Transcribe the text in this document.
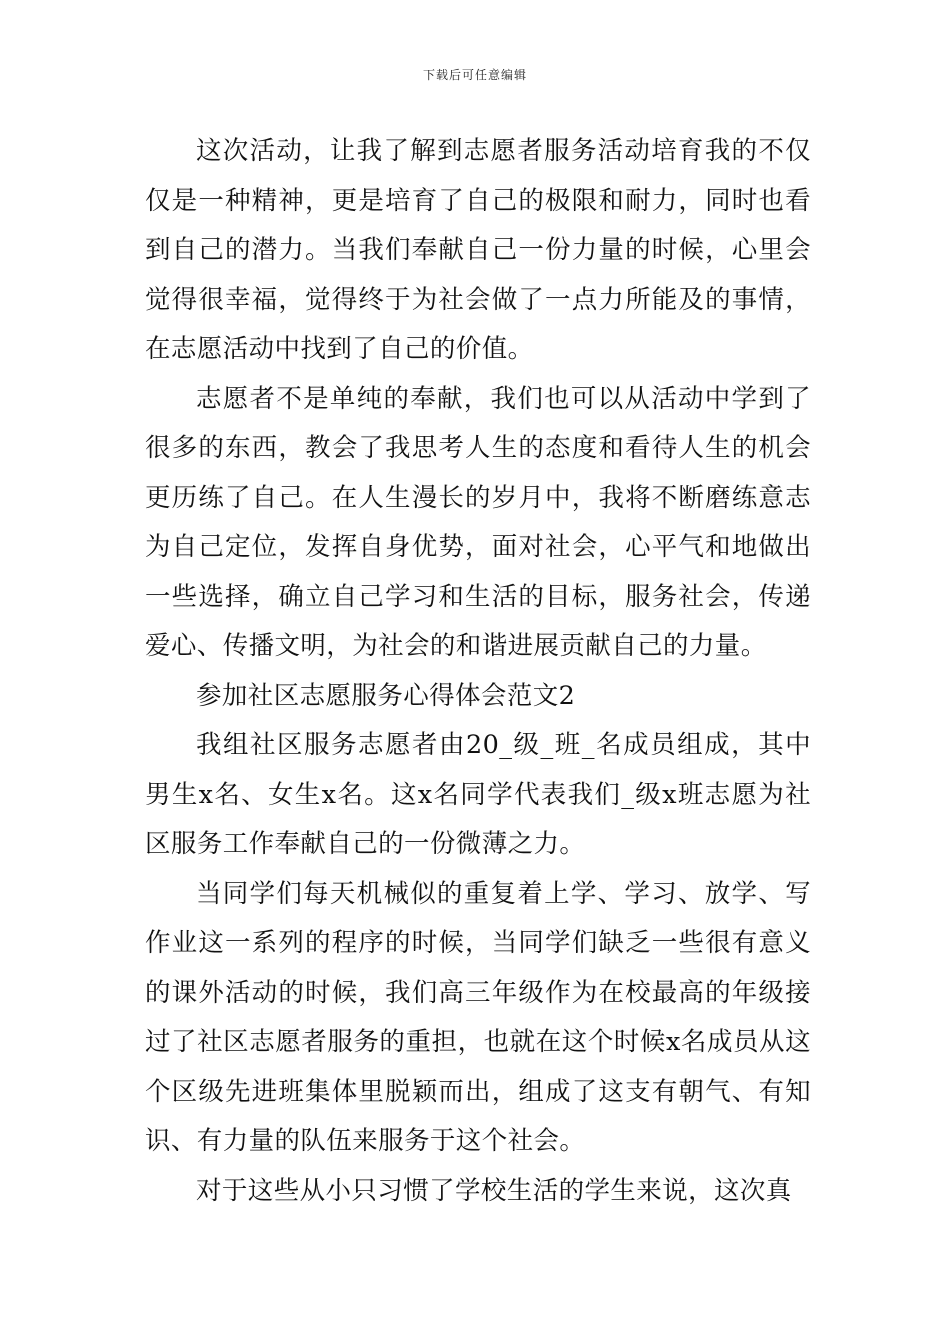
下载后可任意编辑

这次活动，让我了解到志愿者服务活动培育我的不仅仅是一种精神，更是培育了自己的极限和耐力，同时也看到自己的潜力。当我们奉献自己一份力量的时候，心里会觉得很幸福，觉得终于为社会做了一点力所能及的事情，在志愿活动中找到了自己的价值。

志愿者不是单纯的奉献，我们也可以从活动中学到了很多的东西，教会了我思考人生的态度和看待人生的机会更历练了自己。在人生漫长的岁月中，我将不断磨练意志为自己定位，发挥自身优势，面对社会，心平气和地做出一些选择，确立自己学习和生活的目标，服务社会，传递爱心、传播文明，为社会的和谐进展贡献自己的力量。

参加社区志愿服务心得体会范文2

我组社区服务志愿者由20_级_班_名成员组成，其中男生x名、女生x名。这x名同学代表我们_级x班志愿为社区服务工作奉献自己的一份微薄之力。

当同学们每天机械似的重复着上学、学习、放学、写作业这一系列的程序的时候，当同学们缺乏一些很有意义的课外活动的时候，我们高三年级作为在校最高的年级接过了社区志愿者服务的重担，也就在这个时候x名成员从这个区级先进班集体里脱颖而出，组成了这支有朝气、有知识、有力量的队伍来服务于这个社会。

对于这些从小只习惯了学校生活的学生来说，这次真
